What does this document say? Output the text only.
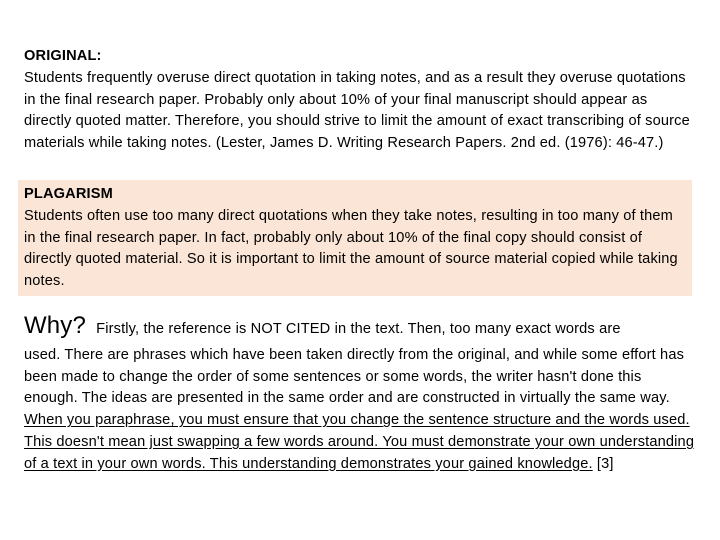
ORIGINAL:
Students frequently overuse direct quotation in taking notes, and as a result they overuse quotations in the final research paper. Probably only about 10% of your final manuscript should appear as directly quoted matter. Therefore, you should strive to limit the amount of exact transcribing of source materials while taking notes. (Lester, James D. Writing Research Papers. 2nd ed. (1976): 46-47.)
PLAGARISM
Students often use too many direct quotations when they take notes, resulting in too many of them in the final research paper. In fact, probably only about 10% of the final copy should consist of directly quoted material. So it is important to limit the amount of source material copied while taking notes.
Why? Firstly, the reference is NOT CITED in the text. Then, too many exact words are
used. There are phrases which have been taken directly from the original, and while some effort has been made to change the order of some sentences or some words, the writer hasn't done this enough. The ideas are presented in the same order and are constructed in virtually the same way. When you paraphrase, you must ensure that you change the sentence structure and the words used. This doesn't mean just swapping a few words around. You must demonstrate your own understanding of a text in your own words. This understanding demonstrates your gained knowledge. [3]
